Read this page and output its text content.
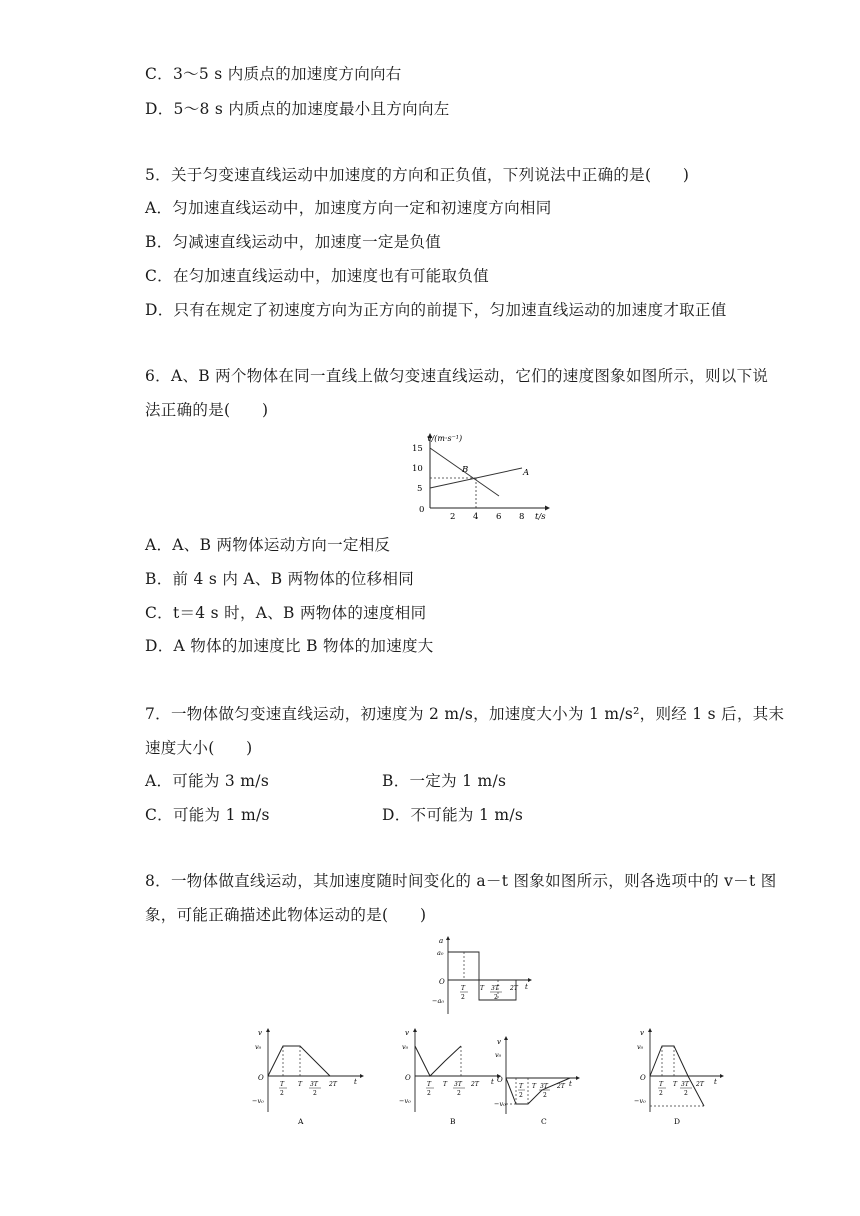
C．3～5 s 内质点的加速度方向向右
D．5～8 s 内质点的加速度最小且方向向左
5．关于匀变速直线运动中加速度的方向和正负值，下列说法中正确的是(　　)
A．匀加速直线运动中，加速度方向一定和初速度方向相同
B．匀减速直线运动中，加速度一定是负值
C．在匀加速直线运动中，加速度也有可能取负值
D．只有在规定了初速度方向为正方向的前提下，匀加速直线运动的加速度才取正值
6．A、B 两个物体在同一直线上做匀变速直线运动，它们的速度图象如图所示，则以下说
法正确的是(　　)
v/(m·s⁻¹)
15
10
5
0
2 4 6 8 t/s
A
B
A．A、B 两物体运动方向一定相反
B．前 4 s 内 A、B 两物体的位移相同
C．t＝4 s 时，A、B 两物体的速度相同
D．A 物体的加速度比 B 物体的加速度大
7．一物体做匀变速直线运动，初速度为 2 m/s，加速度大小为 1 m/s²，则经 1 s 后，其末
速度大小(　　)
A．可能为 3 m/s	B．一定为 1 m/s
C．可能为 1 m/s	D．不可能为 1 m/s
8．一物体做直线运动，其加速度随时间变化的 a－t 图象如图所示，则各选项中的 v－t 图
象，可能正确描述此物体运动的是(　　)
a
a₀
O
−a₀
t
T
2
T 3T
2
2T
v
v₀
O
−v₀
t
T
2
T 3T
2
2T
A
v
v₀
O
−v₀
t
T
2
T 3T
2
2T
B
v
v₀
O
−v₀
t
T
2
T 3T
2
2T
C
v
v₀
O
−v₀
t
T
2
T 3T
2
2T
D
